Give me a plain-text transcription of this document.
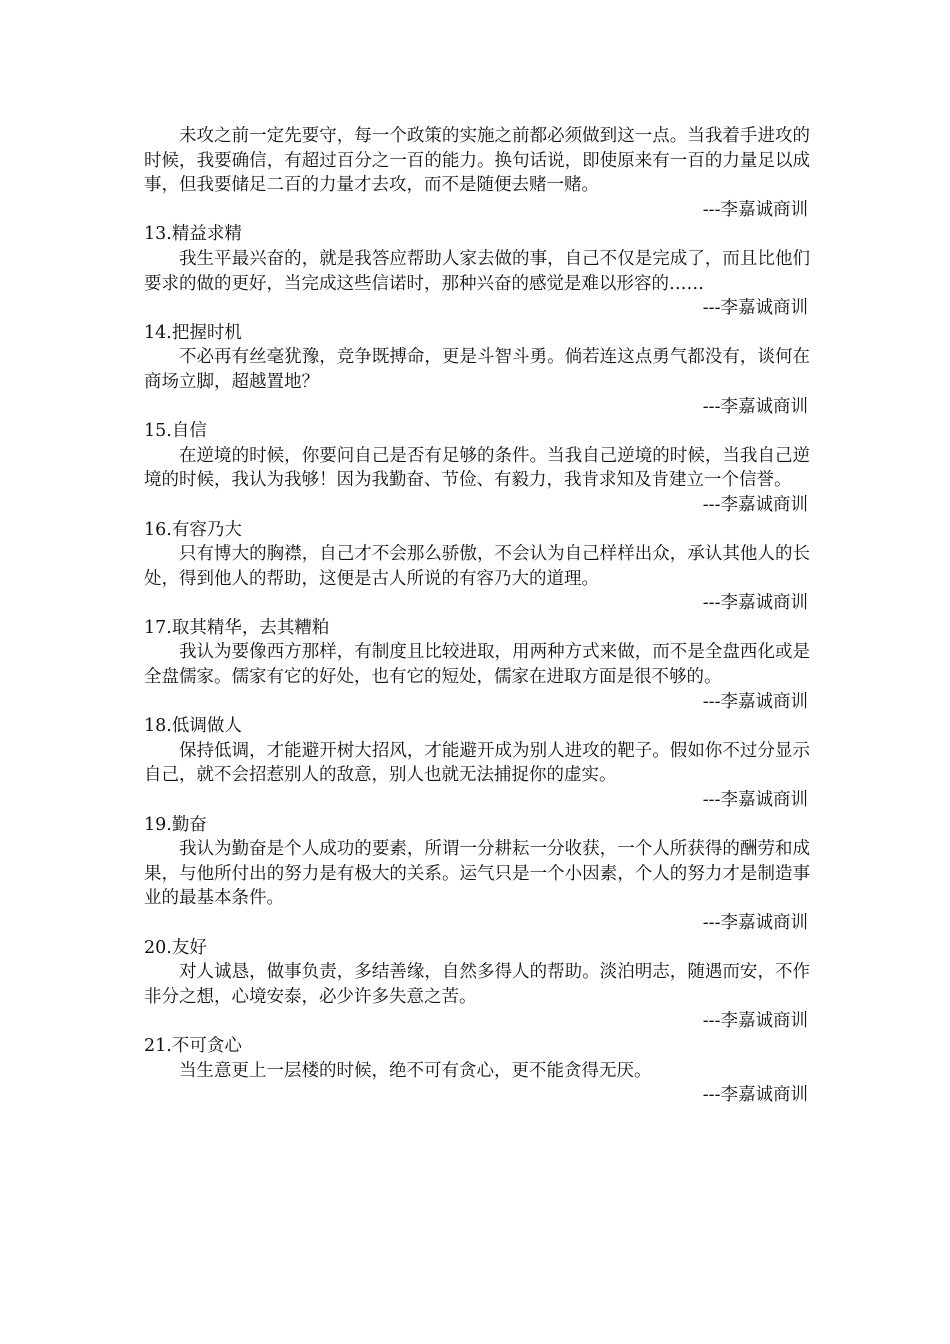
未攻之前一定先要守，每一个政策的实施之前都必须做到这一点。当我着手进攻的时候，我要确信，有超过百分之一百的能力。换句话说，即使原来有一百的力量足以成事，但我要储足二百的力量才去攻，而不是随便去赌一赌。

---李嘉诚商训

13.精益求精

我生平最兴奋的，就是我答应帮助人家去做的事，自己不仅是完成了，而且比他们要求的做的更好，当完成这些信诺时，那种兴奋的感觉是难以形容的……

---李嘉诚商训

14.把握时机

不必再有丝毫犹豫，竞争既搏命，更是斗智斗勇。倘若连这点勇气都没有，谈何在商场立脚，超越置地？

---李嘉诚商训

15.自信

在逆境的时候，你要问自己是否有足够的条件。当我自己逆境的时候，当我自己逆境的时候，我认为我够！因为我勤奋、节俭、有毅力，我肯求知及肯建立一个信誉。

---李嘉诚商训

16.有容乃大

只有博大的胸襟，自己才不会那么骄傲，不会认为自己样样出众，承认其他人的长处，得到他人的帮助，这便是古人所说的有容乃大的道理。

---李嘉诚商训

17.取其精华，去其糟粕

我认为要像西方那样，有制度且比较进取，用两种方式来做，而不是全盘西化或是全盘儒家。儒家有它的好处，也有它的短处，儒家在进取方面是很不够的。

---李嘉诚商训

18.低调做人

保持低调，才能避开树大招风，才能避开成为别人进攻的靶子。假如你不过分显示自己，就不会招惹别人的敌意，别人也就无法捕捉你的虚实。

---李嘉诚商训

19.勤奋

我认为勤奋是个人成功的要素，所谓一分耕耘一分收获，一个人所获得的酬劳和成果，与他所付出的努力是有极大的关系。运气只是一个小因素，个人的努力才是制造事业的最基本条件。

---李嘉诚商训

20.友好

对人诚恳，做事负责，多结善缘，自然多得人的帮助。淡泊明志，随遇而安，不作非分之想，心境安泰，必少许多失意之苦。

---李嘉诚商训

21.不可贪心

当生意更上一层楼的时候，绝不可有贪心，更不能贪得无厌。

---李嘉诚商训
